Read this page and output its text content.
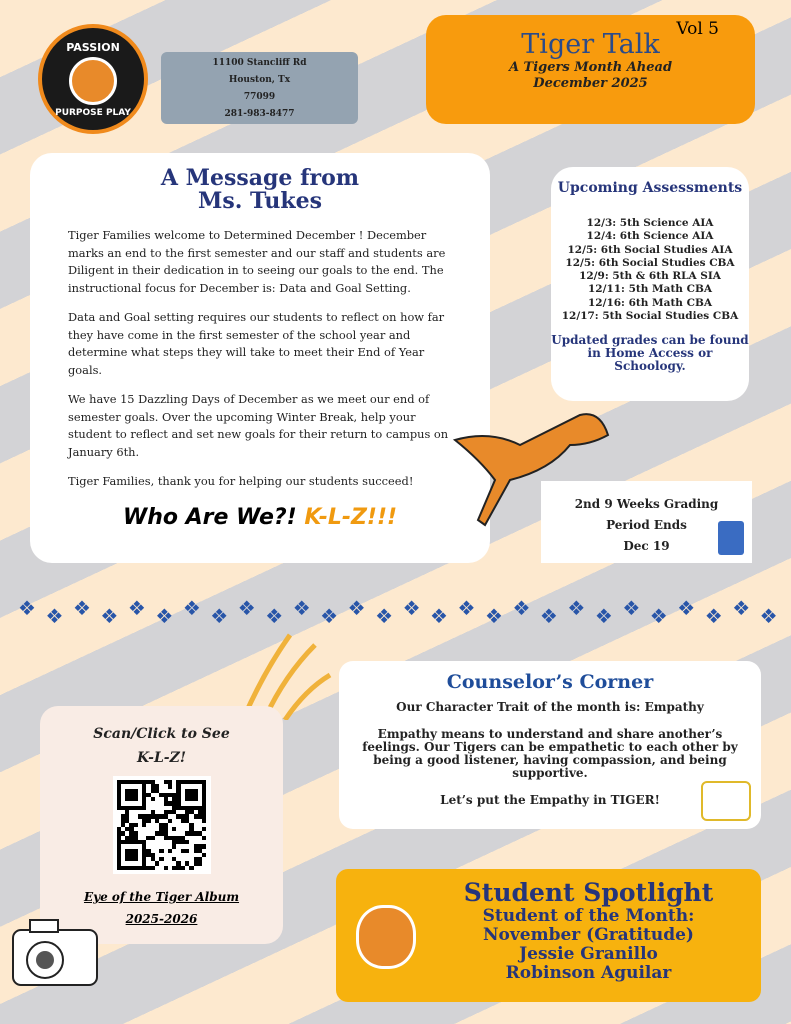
PASSION
PURPOSE PLAY
11100 Stancliff Rd
Houston, Tx
77099
281-983-8477
Vol 5
Tiger Talk
A Tigers Month Ahead
December 2025
A Message from
Ms. Tukes

Tiger Families welcome to Determined December ! December marks an end to the first semester and our staff and students are Diligent in their dedication in to seeing our goals to the end. The instructional focus for December is: Data and Goal Setting.

Data and Goal setting requires our students to reflect on how far they have come in the first semester of the school year and determine what steps they will take to meet their End of Year goals.

We have 15 Dazzling Days of December as we meet our end of semester goals. Over the upcoming Winter Break, help your student to reflect and set new goals for their return to campus on January 6th.

Tiger Families, thank you for helping our students succeed!

Who Are We?! K-L-Z!!!
Upcoming Assessments
12/3: 5th Science AIA
12/4: 6th Science AIA
12/5: 6th Social Studies AIA
12/5: 6th Social Studies CBA
12/9: 5th & 6th RLA SIA
12/11: 5th Math CBA
12/16: 6th Math CBA
12/17: 5th Social Studies CBA
Updated grades can be found in Home Access or Schoology.
2nd 9 Weeks Grading
Period Ends
Dec 19
❖ ❖ ❖ ❖ ❖ ❖ ❖ ❖ ❖ ❖ ❖ ❖ ❖ ❖ ❖ ❖ ❖ ❖ ❖ ❖ ❖ ❖ ❖ ❖ ❖ ❖ ❖ ❖
Scan/Click to See
K-L-Z!
Eye of the Tiger Album
2025-2026
Counselor’s Corner

Our Character Trait of the month is: Empathy

Empathy means to understand and share another’s feelings. Our Tigers can be empathetic to each other by being a good listener, having compassion, and being supportive.

Let’s put the Empathy in TIGER!

Student Spotlight
Student of the Month:
November (Gratitude)
Jessie Granillo
Robinson Aguilar
